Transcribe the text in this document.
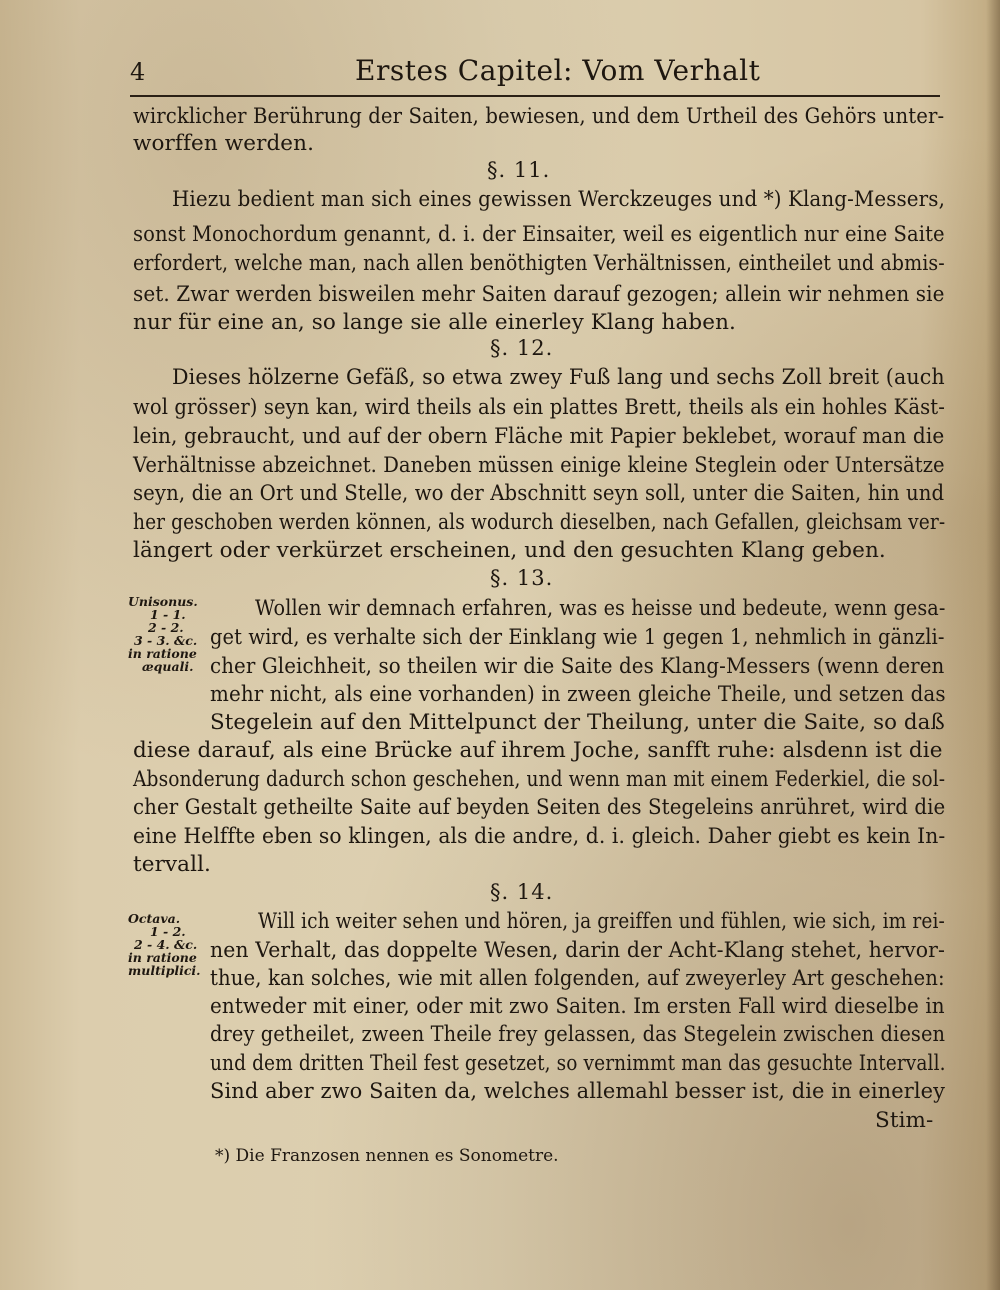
4	Erstes Capitel: Vom Verhalt
wircklicher Berührung der Saiten, bewiesen, und dem Urtheil des Gehörs unter-
worffen werden.
§. 11.
Hiezu bedient man sich eines gewissen Werckzeuges und *) Klang-Messers,
sonst Monochordum genannt, d. i. der Einsaiter, weil es eigentlich nur eine Saite
erfordert, welche man, nach allen benöthigten Verhältnissen, eintheilet und abmis-
set. Zwar werden bisweilen mehr Saiten darauf gezogen; allein wir nehmen sie
nur für eine an, so lange sie alle einerley Klang haben.
§. 12.
Dieses hölzerne Gefäß, so etwa zwey Fuß lang und sechs Zoll breit (auch
wol grösser) seyn kan, wird theils als ein plattes Brett, theils als ein hohles Käst-
lein, gebraucht, und auf der obern Fläche mit Papier beklebet, worauf man die
Verhältnisse abzeichnet. Daneben müssen einige kleine Steglein oder Untersätze
seyn, die an Ort und Stelle, wo der Abschnitt seyn soll, unter die Saiten, hin und
her geschoben werden können, als wodurch dieselben, nach Gefallen, gleichsam ver-
längert oder verkürzet erscheinen, und den gesuchten Klang geben.
§. 13.
Unisonus.
1 - 1.
2 - 2.
3 - 3. &c.
in ratione
æquali.
Wollen wir demnach erfahren, was es heisse und bedeute, wenn gesa-
get wird, es verhalte sich der Einklang wie 1 gegen 1, nehmlich in gänzli-
cher Gleichheit, so theilen wir die Saite des Klang-Messers (wenn deren
mehr nicht, als eine vorhanden) in zween gleiche Theile, und setzen das
Stegelein auf den Mittelpunct der Theilung, unter die Saite, so daß
diese darauf, als eine Brücke auf ihrem Joche, sanfft ruhe: alsdenn ist die
Absonderung dadurch schon geschehen, und wenn man mit einem Federkiel, die sol-
cher Gestalt getheilte Saite auf beyden Seiten des Stegeleins anrühret, wird die
eine Helffte eben so klingen, als die andre, d. i. gleich. Daher giebt es kein In-
tervall.
§. 14.
Octava.
1 - 2.
2 - 4. &c.
in ratione
multiplici.
Will ich weiter sehen und hören, ja greiffen und fühlen, wie sich, im rei-
nen Verhalt, das doppelte Wesen, darin der Acht-Klang stehet, hervor-
thue, kan solches, wie mit allen folgenden, auf zweyerley Art geschehen:
entweder mit einer, oder mit zwo Saiten. Im ersten Fall wird dieselbe in
drey getheilet, zween Theile frey gelassen, das Stegelein zwischen diesen
und dem dritten Theil fest gesetzet, so vernimmt man das gesuchte Intervall.
Sind aber zwo Saiten da, welches allemahl besser ist, die in einerley
Stim-
*) Die Franzosen nennen es Sonometre.
